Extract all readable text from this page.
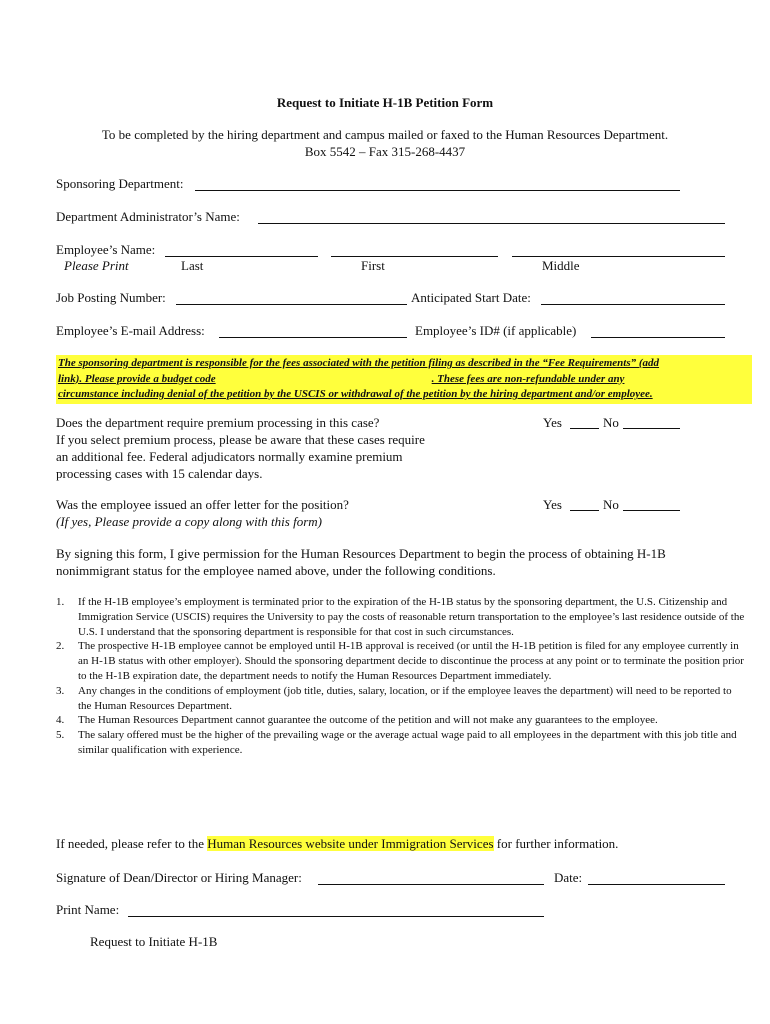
Request to Initiate H-1B Petition Form
To be completed by the hiring department and campus mailed or faxed to the Human Resources Department.
Box 5542 – Fax 315-268-4437
Sponsoring Department:
Department Administrator’s Name:
Employee’s Name:
Please Print	Last	First	Middle
Job Posting Number:	Anticipated Start Date:
Employee’s E-mail Address:	Employee’s ID# (if applicable)
The sponsoring department is responsible for the fees associated with the petition filing as described in the “Fee Requirements” (add
link). Please provide a budget code	. These fees are non-refundable under any
circumstance including denial of the petition by the USCIS or withdrawal of the petition by the hiring department and/or employee.
Does the department require premium processing in this case?
If you select premium process, please be aware that these cases require
an additional fee. Federal adjudicators normally examine premium
processing cases with 15 calendar days.
Yes	No
Was the employee issued an offer letter for the position?
(If yes, Please provide a copy along with this form)
Yes	No
By signing this form, I give permission for the Human Resources Department to begin the process of obtaining H-1B
nonimmigrant status for the employee named above, under the following conditions.
1. If the H-1B employee’s employment is terminated prior to the expiration of the H-1B status by the sponsoring department, the U.S. Citizenship and Immigration Service (USCIS) requires the University to pay the costs of reasonable return transportation to the employee’s last residence outside of the U.S. I understand that the sponsoring department is responsible for that cost in such circumstances.
2. The prospective H-1B employee cannot be employed until H-1B approval is received (or until the H-1B petition is filed for any employee currently in an H-1B status with other employer). Should the sponsoring department decide to discontinue the process at any point or to terminate the position prior to the H-1B expiration date, the department needs to notify the Human Resources Department immediately.
3. Any changes in the conditions of employment (job title, duties, salary, location, or if the employee leaves the department) will need to be reported to the Human Resources Department.
4. The Human Resources Department cannot guarantee the outcome of the petition and will not make any guarantees to the employee.
5. The salary offered must be the higher of the prevailing wage or the average actual wage paid to all employees in the department with this job title and similar qualification with experience.
If needed, please refer to the Human Resources website under Immigration Services for further information.
Signature of Dean/Director or Hiring Manager:	Date:
Print Name:
Request to Initiate H-1B
